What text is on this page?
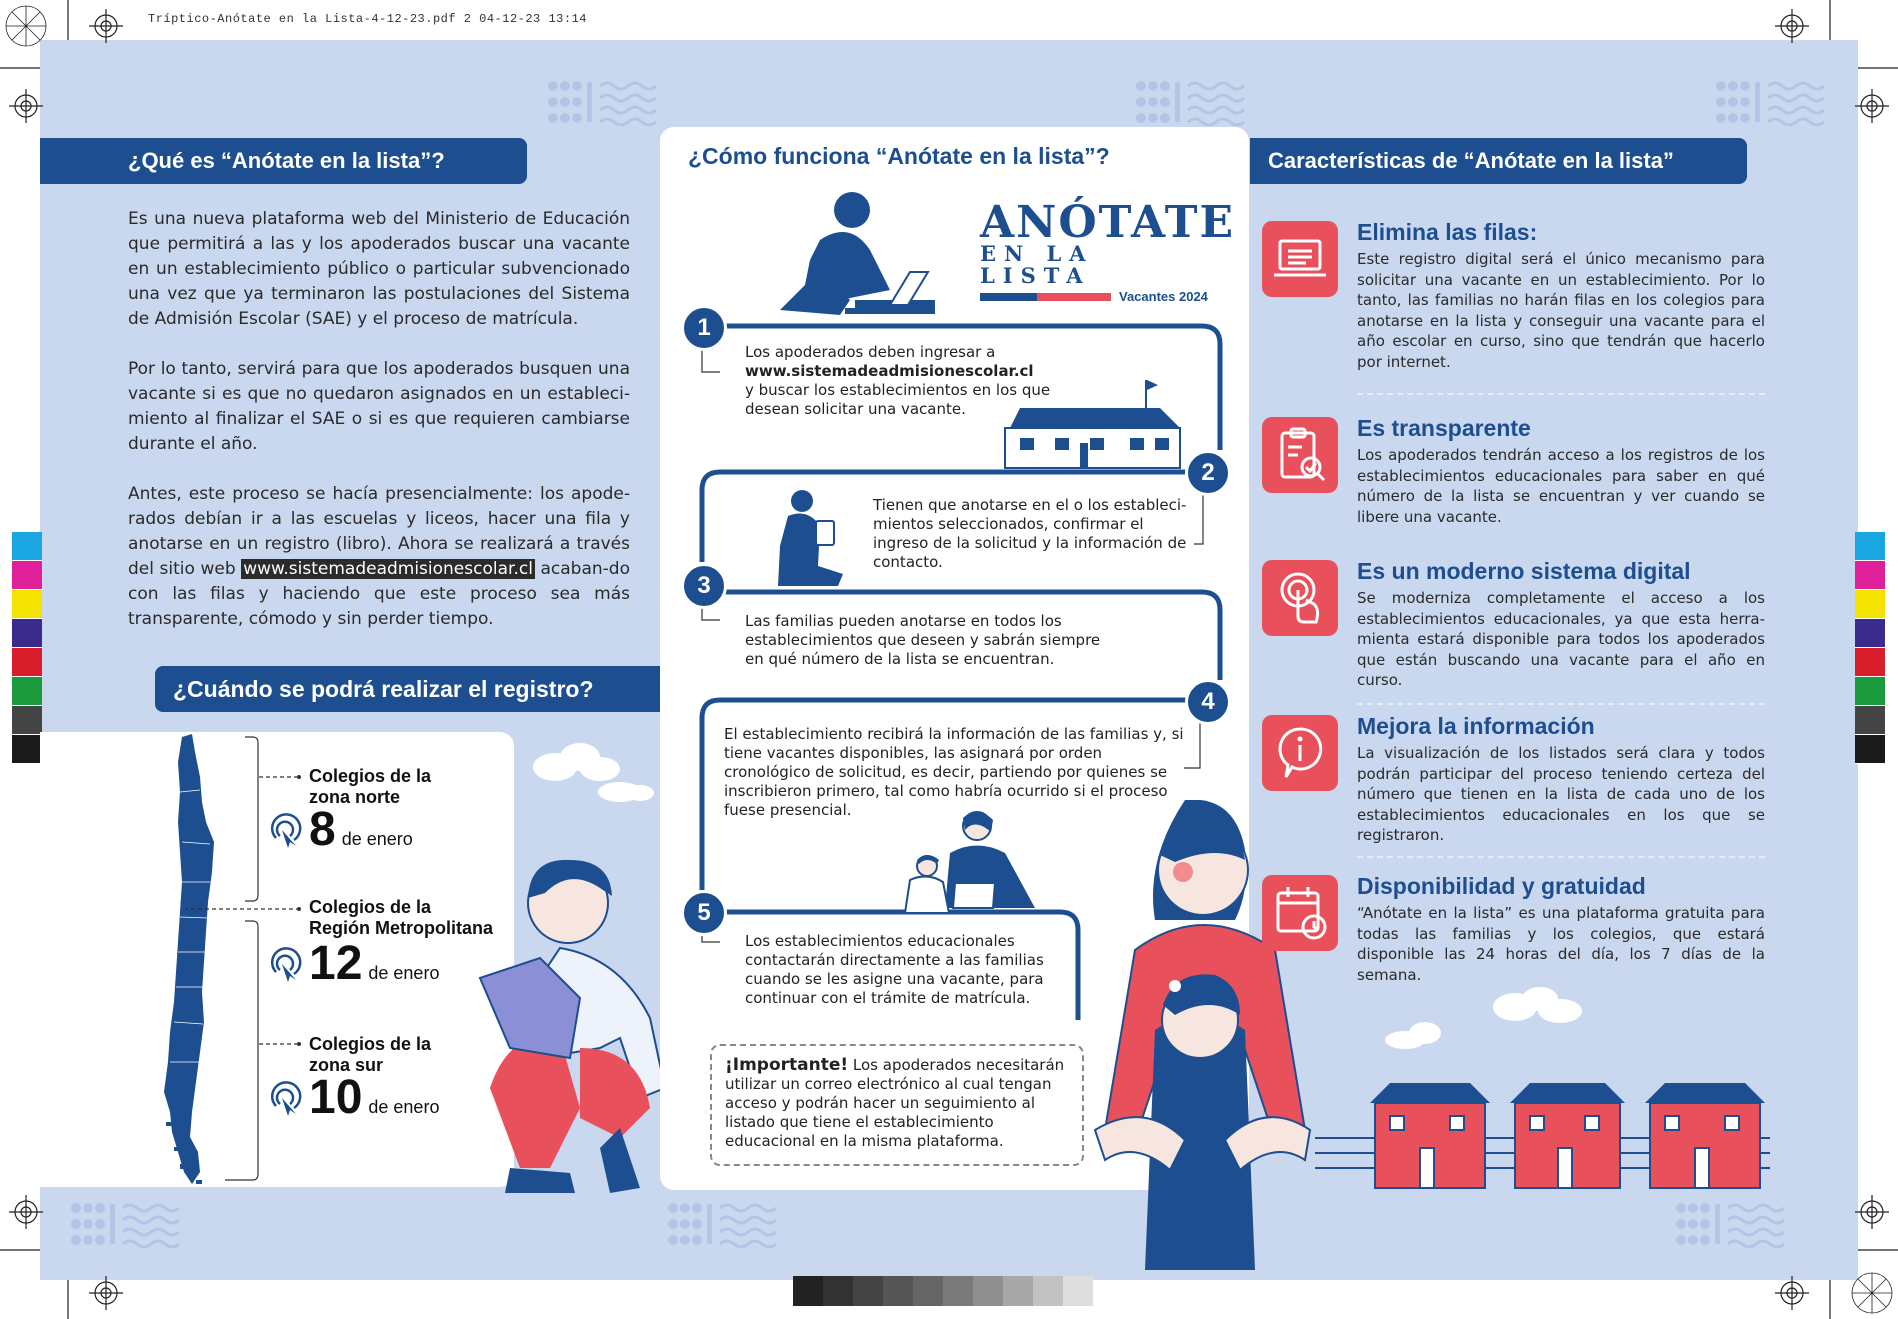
Tríptico-Anótate en la Lista-4-12-23.pdf 2 04-12-23 13:14
¿Qué es “Anótate en la lista”?

Es una nueva plataforma web del Ministerio de Educación que permitirá a las y los apoderados buscar una vacante en un establecimiento público o particular subvencionado una vez que ya terminaron las postulaciones del Sistema de Admisión Escolar (SAE) y el proceso de matrícula.

Por lo tanto, servirá para que los apoderados busquen una vacante si es que no quedaron asignados en un estableci-miento al finalizar el SAE o si es que requieren cambiarse durante el año.

Antes, este proceso se hacía presencialmente: los apode-rados debían ir a las escuelas y liceos, hacer una fila y anotarse en un registro (libro). Ahora se realizará a través del sitio web www.sistemadeadmisionescolar.cl acaban-do con las filas y haciendo que este proceso sea más transparente, cómodo y sin perder tiempo.

¿Cuándo se podrá realizar el registro?
Colegios de la
zona norte
8 de enero
Colegios de la
Región Metropolitana
12 de enero
Colegios de la
zona sur
10 de enero
¿Cómo funciona “Anótate en la lista”?
ANÓTATE
EN LA LISTA
Vacantes 2024
1
2
3
4
5
Los apoderados deben ingresar a
www.sistemadeadmisionescolar.cl
y buscar los establecimientos en los que desean solicitar una vacante.
Tienen que anotarse en el o los estableci-mientos seleccionados, confirmar el ingreso de la solicitud y la información de contacto.
Las familias pueden anotarse en todos los establecimientos que deseen y sabrán siempre en qué número de la lista se encuentran.
El establecimiento recibirá la información de las familias y, si tiene vacantes disponibles, las asignará por orden cronológico de solicitud, es decir, partiendo por quienes se inscribieron primero, tal como habría ocurrido si el proceso fuese presencial.
Los establecimientos educacionales contactarán directamente a las familias cuando se les asigne una vacante, para continuar con el trámite de matrícula.
¡Importante! Los apoderados necesitarán utilizar un correo electrónico al cual tengan acceso y podrán hacer un seguimiento al listado que tiene el establecimiento educacional en la misma plataforma.
Características de “Anótate en la lista”
Elimina las filas:
Este registro digital será el único mecanismo para solicitar una vacante en un establecimiento. Por lo tanto, las familias no harán filas en los colegios para anotarse en la lista y conseguir una vacante para el año escolar en curso, sino que tendrán que hacerlo por internet.
Es transparente
Los apoderados tendrán acceso a los registros de los establecimientos educacionales para saber en qué número de la lista se encuentran y ver cuando se libere una vacante.
Es un moderno sistema digital
Se moderniza completamente el acceso a los establecimientos educacionales, ya que esta herra-mienta estará disponible para todos los apoderados que están buscando una vacante para el año en curso.
Mejora la información
La visualización de los listados será clara y todos podrán participar del proceso teniendo certeza del número que tienen en la lista de cada uno de los establecimientos educacionales en los que se registraron.
Disponibilidad y gratuidad
“Anótate en la lista” es una plataforma gratuita para todas las familias y los colegios, que estará disponible las 24 horas del día, los 7 días de la semana.
